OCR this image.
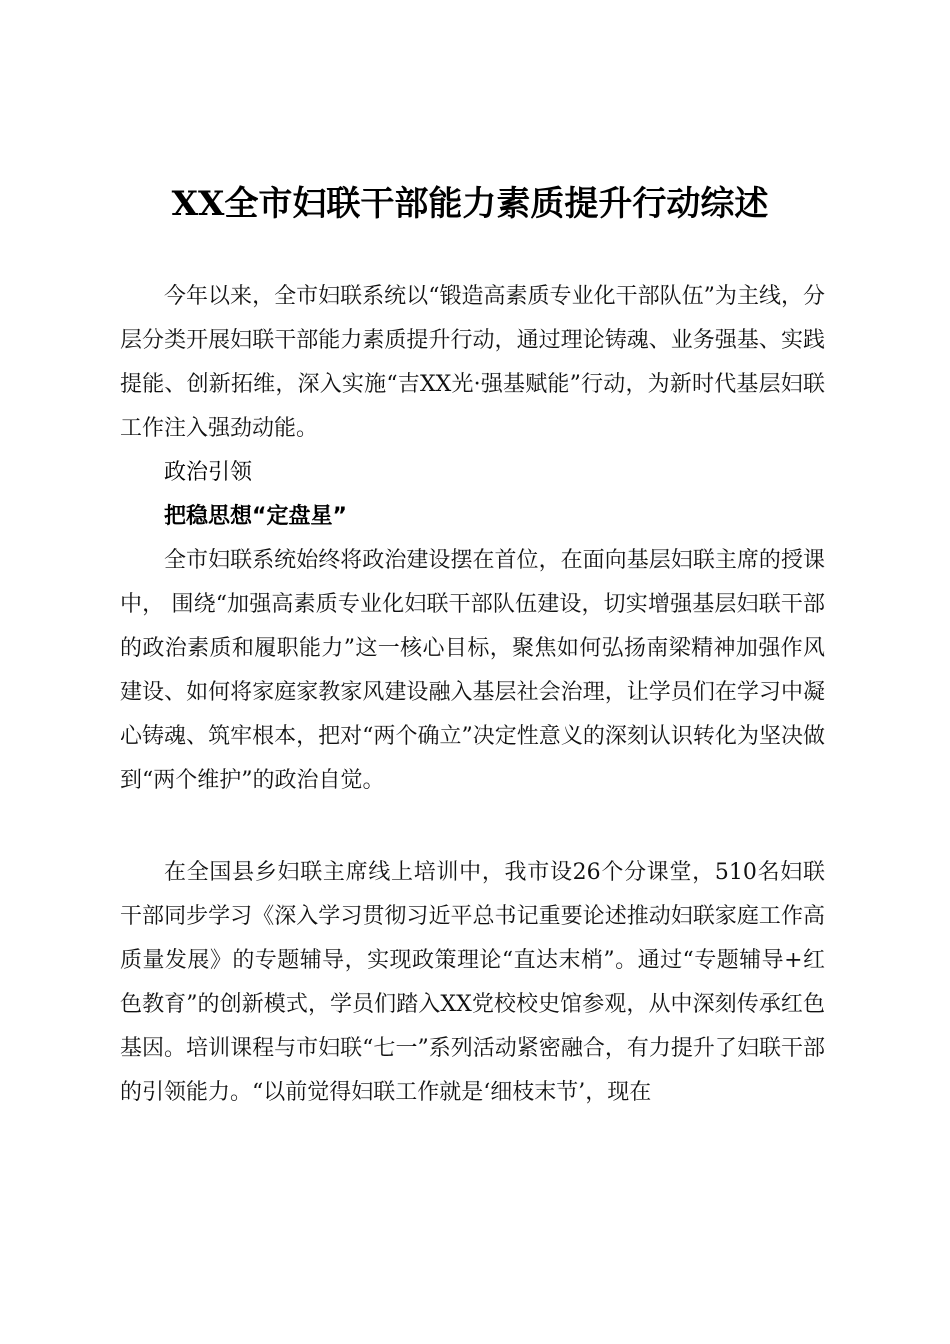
XX全市妇联干部能力素质提升行动综述

今年以来，全市妇联系统以“锻造高素质专业化干部队伍”为主线，分层分类开展妇联干部能力素质提升行动，通过理论铸魂、业务强基、实践提能、创新拓维，深入实施“吉XX光·强基赋能”行动，为新时代基层妇联工作注入强劲动能。

政治引领

把稳思想“定盘星”

全市妇联系统始终将政治建设摆在首位，在面向基层妇联主席的授课中， 围绕“加强高素质专业化妇联干部队伍建设，切实增强基层妇联干部的政治素质和履职能力”这一核心目标，聚焦如何弘扬南梁精神加强作风建设、如何将家庭家教家风建设融入基层社会治理，让学员们在学习中凝心铸魂、筑牢根本，把对“两个确立”决定性意义的深刻认识转化为坚决做到“两个维护”的政治自觉。

在全国县乡妇联主席线上培训中，我市设26个分课堂，510名妇联干部同步学习《深入学习贯彻习近平总书记重要论述推动妇联家庭工作高质量发展》的专题辅导，实现政策理论“直达末梢”。通过“专题辅导+红色教育”的创新模式，学员们踏入XX党校校史馆参观，从中深刻传承红色基因。培训课程与市妇联“七一”系列活动紧密融合，有力提升了妇联干部的引领能力。“以前觉得妇联工作就是‘细枝末节’，现在
